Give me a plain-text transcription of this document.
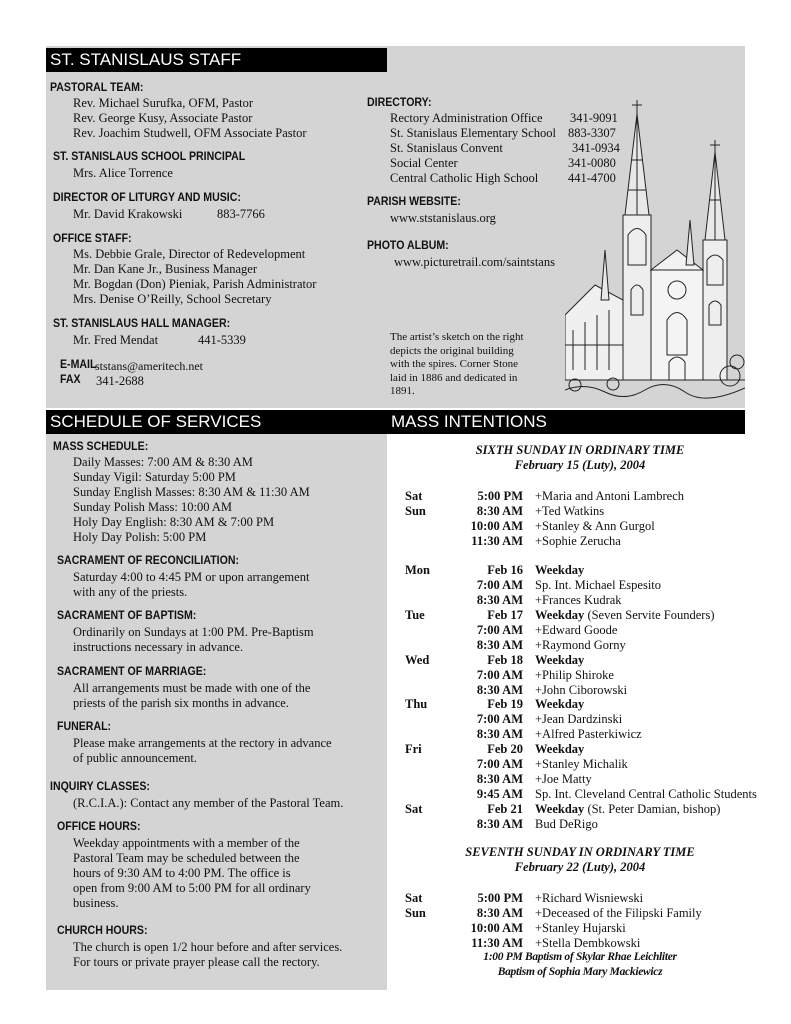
ST. STANISLAUS STAFF
PASTORAL TEAM:
Rev. Michael Surufka, OFM, Pastor
Rev. George Kusy, Associate Pastor
Rev. Joachim Studwell, OFM Associate Pastor
ST. STANISLAUS SCHOOL PRINCIPAL
Mrs. Alice Torrence
DIRECTOR OF LITURGY AND MUSIC:
Mr. David Krakowski	883-7766
OFFICE STAFF:
Ms. Debbie Grale, Director of Redevelopment
Mr. Dan Kane Jr., Business Manager
Mr. Bogdan (Don) Pieniak, Parish Administrator
Mrs. Denise O’Reilly, School Secretary
ST. STANISLAUS HALL MANAGER:
Mr. Fred Mendat	441-5339
E-MAIL
ststans@ameritech.net
FAX 341-2688
DIRECTORY:
Rectory Administration Office	341-9091
St. Stanislaus Elementary School 883-3307
St. Stanislaus Convent	341-0934
Social Center	341-0080
Central Catholic High School	441-4700
PARISH WEBSITE:
www.ststanislaus.org
PHOTO ALBUM:
www.picturetrail.com/saintstans
The artist’s sketch on the right
depicts the original building
with the spires. Corner Stone
laid in 1886 and dedicated in
1891.
SCHEDULE OF SERVICES
MASS SCHEDULE:
Daily Masses: 7:00 AM & 8:30 AM
Sunday Vigil: Saturday 5:00 PM
Sunday English Masses: 8:30 AM & 11:30 AM
Sunday Polish Mass: 10:00 AM
Holy Day English: 8:30 AM & 7:00 PM
Holy Day Polish: 5:00 PM
SACRAMENT OF RECONCILIATION:
Saturday 4:00 to 4:45 PM or upon arrangement
with any of the priests.
SACRAMENT OF BAPTISM:
Ordinarily on Sundays at 1:00 PM. Pre-Baptism
instructions necessary in advance.
SACRAMENT OF MARRIAGE:
All arrangements must be made with one of the
priests of the parish six months in advance.
FUNERAL:
Please make arrangements at the rectory in advance
of public announcement.
INQUIRY CLASSES:
(R.C.I.A.): Contact any member of the Pastoral Team.
OFFICE HOURS:
Weekday appointments with a member of the
Pastoral Team may be scheduled between the
hours of 9:30 AM to 4:00 PM. The office is
open from 9:00 AM to 5:00 PM for all ordinary
business.
CHURCH HOURS:
The church is open 1/2 hour before and after services.
For tours or private prayer please call the rectory.
MASS INTENTIONS
SIXTH SUNDAY IN ORDINARY TIME
February 15 (Luty), 2004
Sat	5:00 PM +Maria and Antoni Lambrech
Sun	8:30 AM +Ted Watkins
10:00 AM +Stanley & Ann Gurgol
11:30 AM +Sophie Zerucha
Mon	Feb 16 Weekday
7:00 AM Sp. Int. Michael Espesito
8:30 AM +Frances Kudrak
Tue	Feb 17 Weekday (Seven Servite Founders)
7:00 AM +Edward Goode
8:30 AM +Raymond Gorny
Wed	Feb 18 Weekday
7:00 AM +Philip Shiroke
8:30 AM +John Ciborowski
Thu	Feb 19 Weekday
7:00 AM +Jean Dardzinski
8:30 AM +Alfred Pasterkiwicz
Fri	Feb 20 Weekday
7:00 AM +Stanley Michalik
8:30 AM +Joe Matty
9:45 AM Sp. Int. Cleveland Central Catholic Students
Sat	Feb 21 Weekday (St. Peter Damian, bishop)
8:30 AM Bud DeRigo
SEVENTH SUNDAY IN ORDINARY TIME
February 22 (Luty), 2004
Sat	5:00 PM +Richard Wisniewski
Sun	8:30 AM +Deceased of the Filipski Family
10:00 AM +Stanley Hujarski
11:30 AM +Stella Dembkowski
1:00 PM Baptism of Skylar Rhae Leichliter
Baptism of Sophia Mary Mackiewicz
